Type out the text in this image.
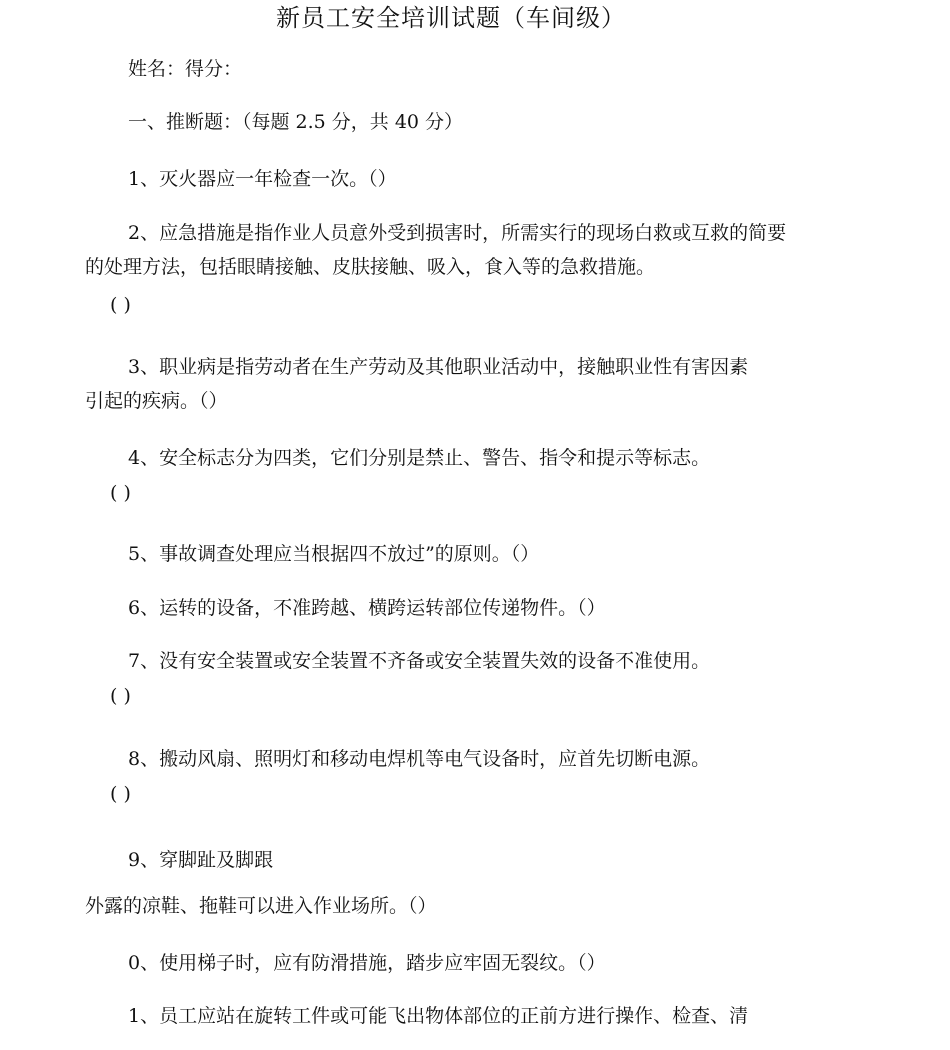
新员工安全培训试题（车间级）
姓名：得分：
一、推断题：（每题 2.5 分，共 40 分）
1、灭火器应一年检查一次。（）
2、应急措施是指作业人员意外受到损害时，所需实行的现场白救或互救的简要
的处理方法，包括眼睛接触、皮肤接触、吸入，食入等的急救措施。
( )
3、职业病是指劳动者在生产劳动及其他职业活动中，接触职业性有害因素
引起的疾病。（）
4、安全标志分为四类，它们分别是禁止、警告、指令和提示等标志。
( )
5、事故调查处理应当根据四不放过”的原则。（）
6、运转的设备，不准跨越、横跨运转部位传递物件。（）
7、没有安全装置或安全装置不齐备或安全装置失效的设备不准使用。
( )
8、搬动风扇、照明灯和移动电焊机等电气设备时，应首先切断电源。
( )
9、穿脚趾及脚跟
外露的凉鞋、拖鞋可以进入作业场所。（）
0、使用梯子时，应有防滑措施，踏步应牢固无裂纹。（）
1、员工应站在旋转工件或可能飞出物体部位的正前方进行操作、检查、清
